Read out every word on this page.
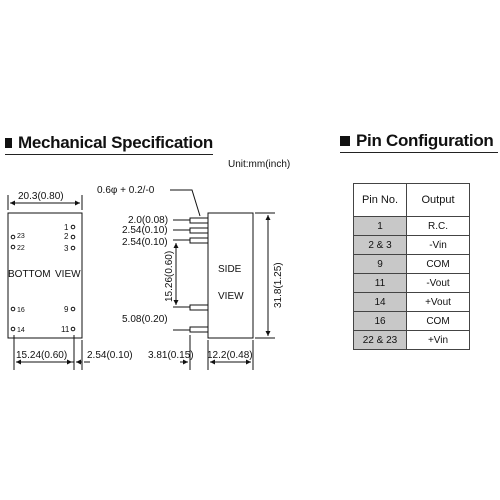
Mechanical Specification	Pin Configuration
Unit:mm(inch)
20.3(0.80)
1
2
3
23
22
BOTTOM VIEW
16	9
14	11
15.24(0.60) 2.54(0.10)
0.6φ + 0.2/-0
2.0(0.08)
2.54(0.10)
2.54(0.10)
15.26(0.60)
5.08(0.20)
SIDE
VIEW	31.8(1.25)
3.81(0.15) 12.2(0.48)
Pin No.	Output
1	R.C.
2 & 3	-Vin
9	COM
11	-Vout
14	+Vout
16	COM
22 & 23	+Vin
